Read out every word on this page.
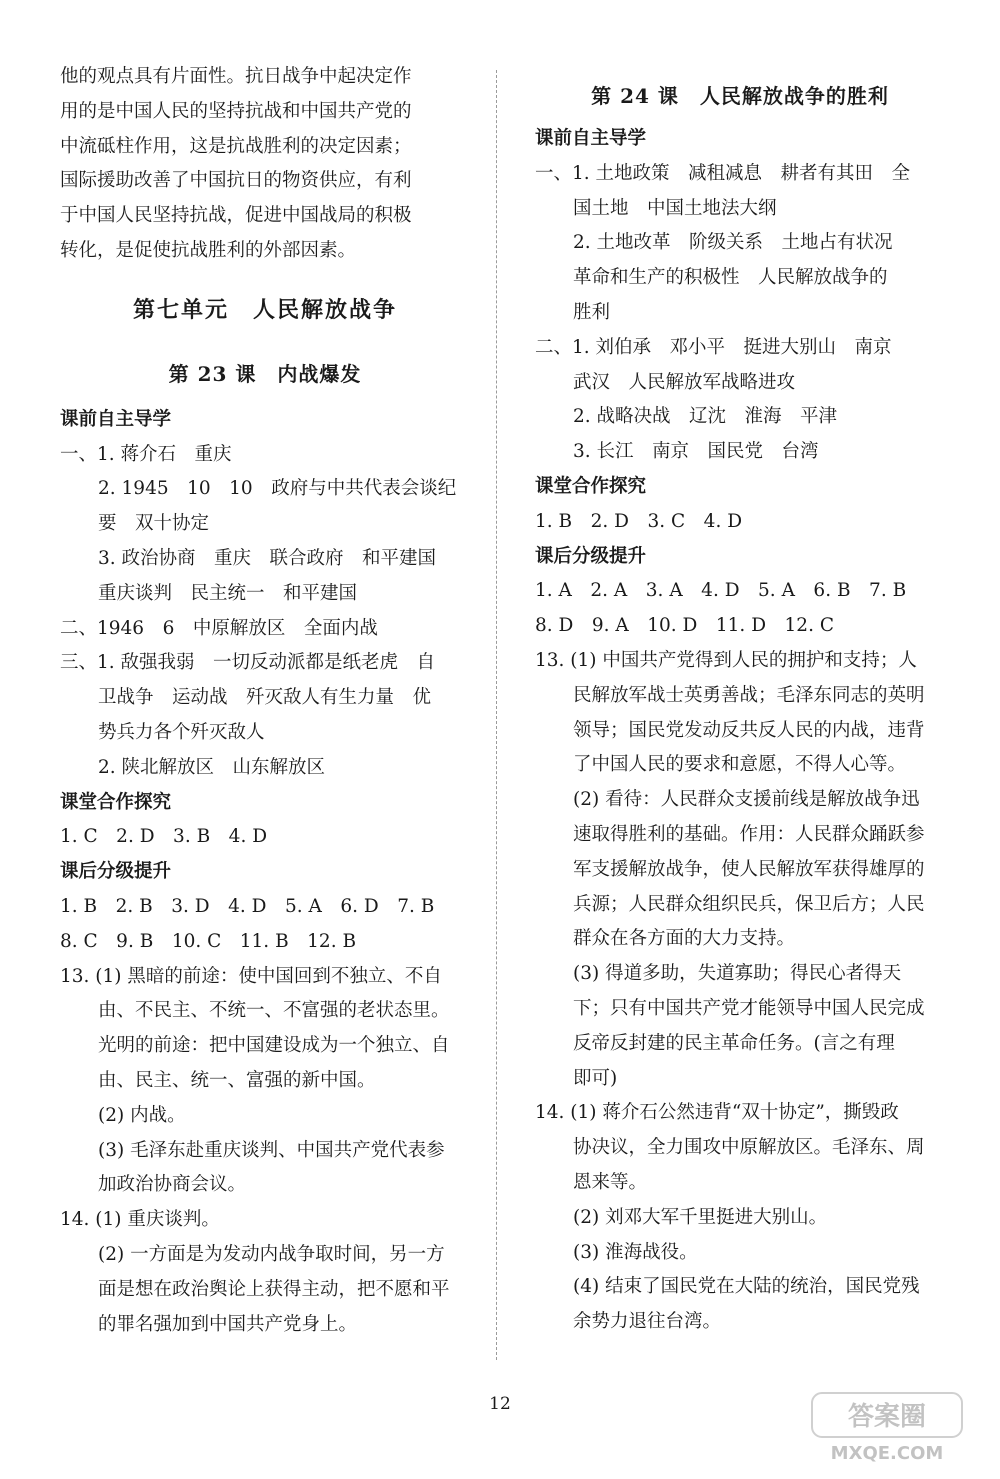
他的观点具有片面性。抗日战争中起决定作
用的是中国人民的坚持抗战和中国共产党的
中流砥柱作用，这是抗战胜利的决定因素；
国际援助改善了中国抗日的物资供应，有利
于中国人民坚持抗战，促进中国战局的积极
转化，是促使抗战胜利的外部因素。
第七单元　人民解放战争
第 23 课　内战爆发
课前自主导学
一、1. 蒋介石　重庆
2. 1945　10　10　政府与中共代表会谈纪
要　双十协定
3. 政治协商　重庆　联合政府　和平建国
重庆谈判　民主统一　和平建国
二、1946　6　中原解放区　全面内战
三、1. 敌强我弱　一切反动派都是纸老虎　自
卫战争　运动战　歼灭敌人有生力量　优
势兵力各个歼灭敌人
2. 陕北解放区　山东解放区
课堂合作探究
1. C　2. D　3. B　4. D
课后分级提升
1. B　2. B　3. D　4. D　5. A　6. D　7. B
8. C　9. B　10. C　11. B　12. B
13. (1) 黑暗的前途：使中国回到不独立、不自
由、不民主、不统一、不富强的老状态里。
光明的前途：把中国建设成为一个独立、自
由、民主、统一、富强的新中国。
(2) 内战。
(3) 毛泽东赴重庆谈判、中国共产党代表参
加政治协商会议。
14. (1) 重庆谈判。
(2) 一方面是为发动内战争取时间，另一方
面是想在政治舆论上获得主动，把不愿和平
的罪名强加到中国共产党身上。
第 24 课　人民解放战争的胜利
课前自主导学
一、1. 土地政策　减租减息　耕者有其田　全
国土地　中国土地法大纲
2. 土地改革　阶级关系　土地占有状况
革命和生产的积极性　人民解放战争的
胜利
二、1. 刘伯承　邓小平　挺进大别山　南京
武汉　人民解放军战略进攻
2. 战略决战　辽沈　淮海　平津
3. 长江　南京　国民党　台湾
课堂合作探究
1. B　2. D　3. C　4. D
课后分级提升
1. A　2. A　3. A　4. D　5. A　6. B　7. B
8. D　9. A　10. D　11. D　12. C
13. (1) 中国共产党得到人民的拥护和支持；人
民解放军战士英勇善战；毛泽东同志的英明
领导；国民党发动反共反人民的内战，违背
了中国人民的要求和意愿，不得人心等。
(2) 看待：人民群众支援前线是解放战争迅
速取得胜利的基础。作用：人民群众踊跃参
军支援解放战争，使人民解放军获得雄厚的
兵源；人民群众组织民兵，保卫后方；人民
群众在各方面的大力支持。
(3) 得道多助，失道寡助；得民心者得天
下；只有中国共产党才能领导中国人民完成
反帝反封建的民主革命任务。(言之有理
即可)
14. (1) 蒋介石公然违背“双十协定”，撕毁政
协决议，全力围攻中原解放区。毛泽东、周
恩来等。
(2) 刘邓大军千里挺进大别山。
(3) 淮海战役。
(4) 结束了国民党在大陆的统治，国民党残
余势力退往台湾。
12	答案圈
MXQE.COM
